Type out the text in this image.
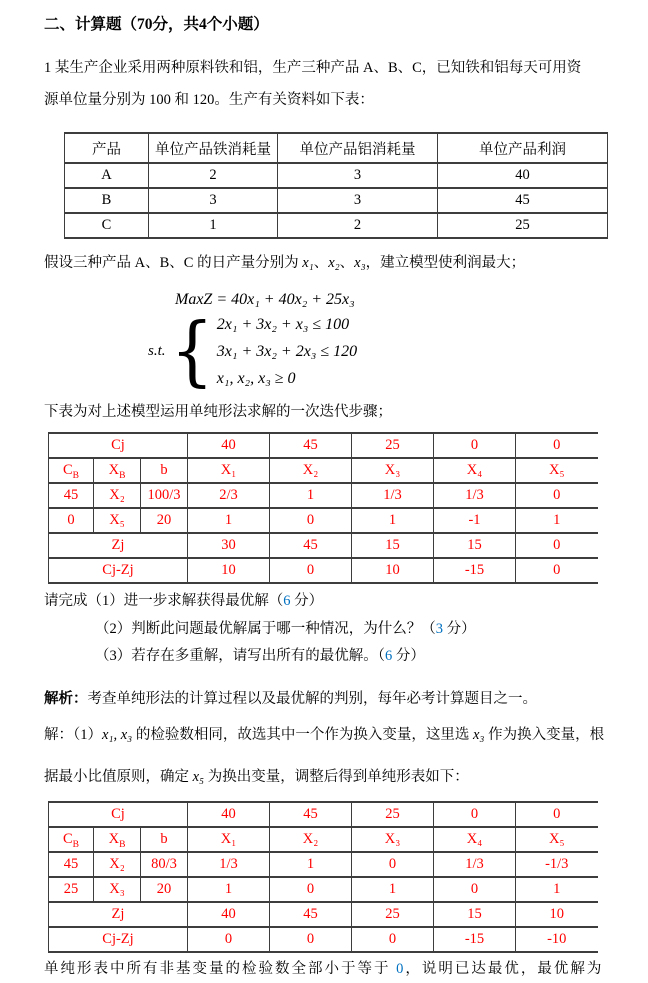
二、计算题（70分，共4个小题）
1 某生产企业采用两种原料铁和铝，生产三种产品 A、B、C，已知铁和铝每天可用资
源单位量分别为 100 和 120。生产有关资料如下表：
产品	单位产品铁消耗量	单位产品铝消耗量	单位产品利润
A	2	3	40
B	3	3	45
C	1	2	25
假设三种产品 A、B、C 的日产量分别为 x₁、x₂、x₃，建立模型使利润最大；
MaxZ = 40x₁ + 40x₂ + 25x₃
s.t. { 2x₁ + 3x₂ + x₃ ≤ 100
3x₁ + 3x₂ + 2x₃ ≤ 120
x₁, x₂, x₃ ≥ 0
下表为对上述模型运用单纯形法求解的一次迭代步骤；
Cj			40	45	25	0	0
$C_B$	$X_B$	b	X₁	X₂	X₃	X₄	X₅
45	X₂	100/3	2/3	1	1/3	1/3	0
0	X₅	20	1	0	1	-1	1
Zj			30	45	15	15	0
Cj-Zj			10	0	10	-15	0
请完成（1）进一步求解获得最优解（6 分）
（2）判断此问题最优解属于哪一种情况，为什么？（3 分）
（3）若存在多重解，请写出所有的最优解。（6 分）
解析：考查单纯形法的计算过程以及最优解的判别，每年必考计算题目之一。
解：（1）x₁, x₃ 的检验数相同，故选其中一个作为换入变量，这里选 x₃ 作为换入变量，根
据最小比值原则，确定 x₅ 为换出变量，调整后得到单纯形表如下：
Cj			40	45	25	0	0
$C_B$	$X_B$	b	X₁	X₂	X₃	X₄	X₅
45	X₂	80/3	1/3	1	0	1/3	-1/3
25	X₃	20	1	0	1	0	1
Zj			40	45	25	15	10
Cj-Zj			0	0	0	-15	-10
单纯形表中所有非基变量的检验数全部小于等于 0，说明已达最优，最优解为
